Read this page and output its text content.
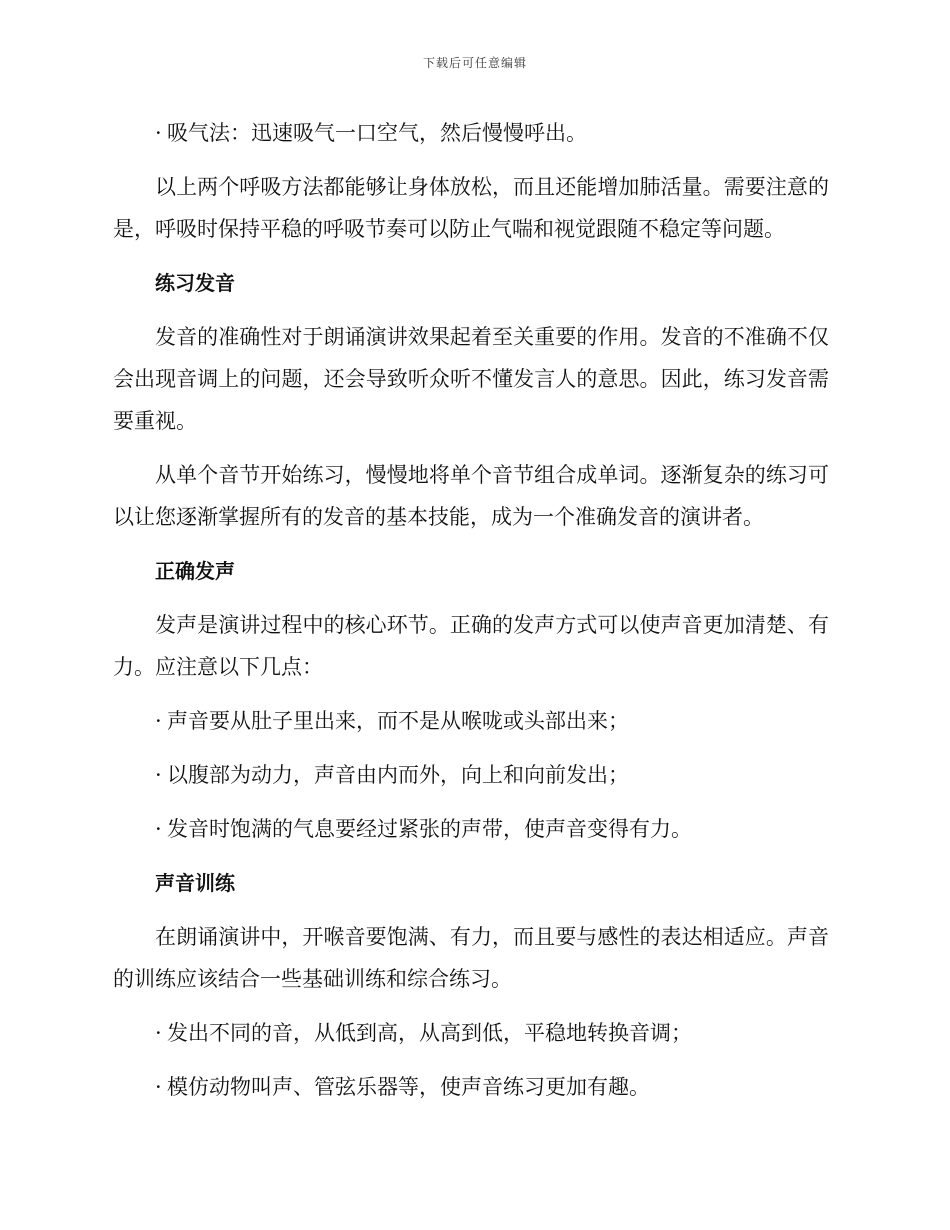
下载后可任意编辑
· 吸气法：迅速吸气一口空气，然后慢慢呼出。
以上两个呼吸方法都能够让身体放松，而且还能增加肺活量。需要注意的是，呼吸时保持平稳的呼吸节奏可以防止气喘和视觉跟随不稳定等问题。
练习发音
发音的准确性对于朗诵演讲效果起着至关重要的作用。发音的不准确不仅会出现音调上的问题，还会导致听众听不懂发言人的意思。因此，练习发音需要重视。
从单个音节开始练习，慢慢地将单个音节组合成单词。逐渐复杂的练习可以让您逐渐掌握所有的发音的基本技能，成为一个准确发音的演讲者。
正确发声
发声是演讲过程中的核心环节。正确的发声方式可以使声音更加清楚、有力。应注意以下几点：
· 声音要从肚子里出来，而不是从喉咙或头部出来；
· 以腹部为动力，声音由内而外，向上和向前发出；
· 发音时饱满的气息要经过紧张的声带，使声音变得有力。
声音训练
在朗诵演讲中，开喉音要饱满、有力，而且要与感性的表达相适应。声音的训练应该结合一些基础训练和综合练习。
· 发出不同的音，从低到高，从高到低，平稳地转换音调；
· 模仿动物叫声、管弦乐器等，使声音练习更加有趣。
